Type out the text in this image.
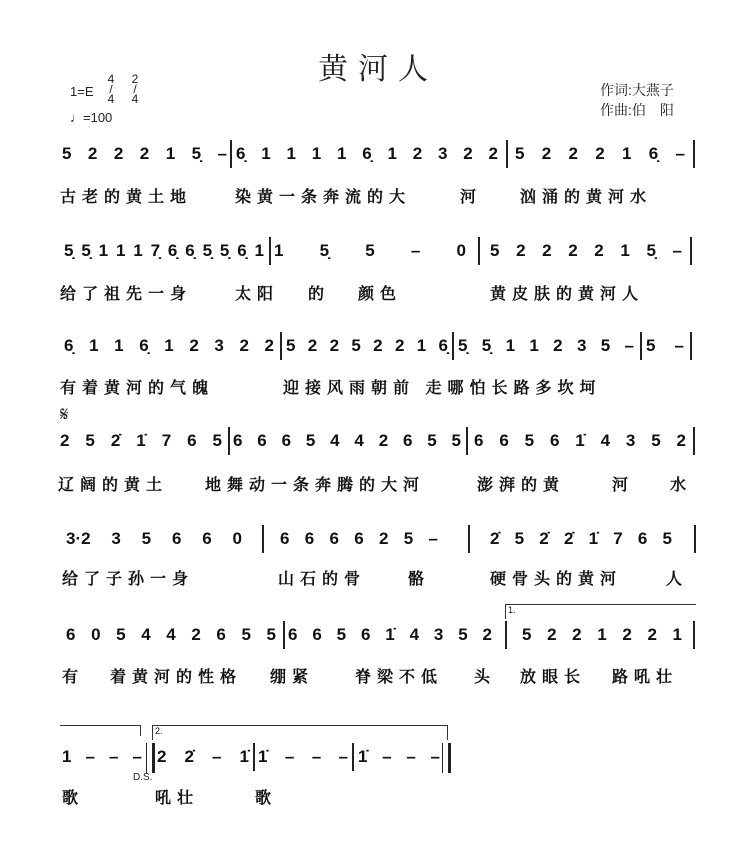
黄河人
1=E
4/4
2/4
♩=100
作词:大燕子
作曲:伯　阳
5 2 2 2 1 5̣ – 6̣ 1 1 1 1 6̣ 1 2 3 2 2 5 2 2 2 1 6̣ –
古老的黄土地	染黄一条奔流的大	河 汹涌的黄河水
5̣ 5̣ 1 1 1 7̣ 6̣ 6̣ 5̣ 5̣ 6̣ 1 1 5̣ 5 – 0 5 2 2 2 2 1 5̣ –
给了祖先一身	太阳 的 颜色	黄皮肤的黄河人
6̣ 1 1 6̣ 1 2 3 2 2 5 2 2 5 2 2 1 6̣ 5̣ 5̣ 1 1 2 3 5 – 5 –
有着黄河的气魄	迎接风雨朝前 走哪怕长路多坎坷
𝄋
2 5 2̇ 1̇ 7 6 5 6 6 6 5 4 4 2 6 5 5 6 6 5 6 1̇ 4 3 5 2
辽阔的黄土 地舞动一条奔腾的大河	澎湃的黄	河 水
3·2 3 5 6 6 0 6 6 6 6 2 5 –	2̇ 5 2̇ 2̇ 1̇ 7 6 5
给了子孙一身	山石的骨	骼	硬骨头的黄河	人
1.
6 0 5 4 4 2 6 5 5 6 6 5 6 1̇ 4 3 5 2 5 2 2 1 2 2 1
有 着黄河的性格 绷紧	脊梁不低 头 放眼长 路吼壮
2.
1 – – –
D.S.
2 2̇ – 1̇ 1̇ – – – 1̇ – – –
歌	吼壮	歌
